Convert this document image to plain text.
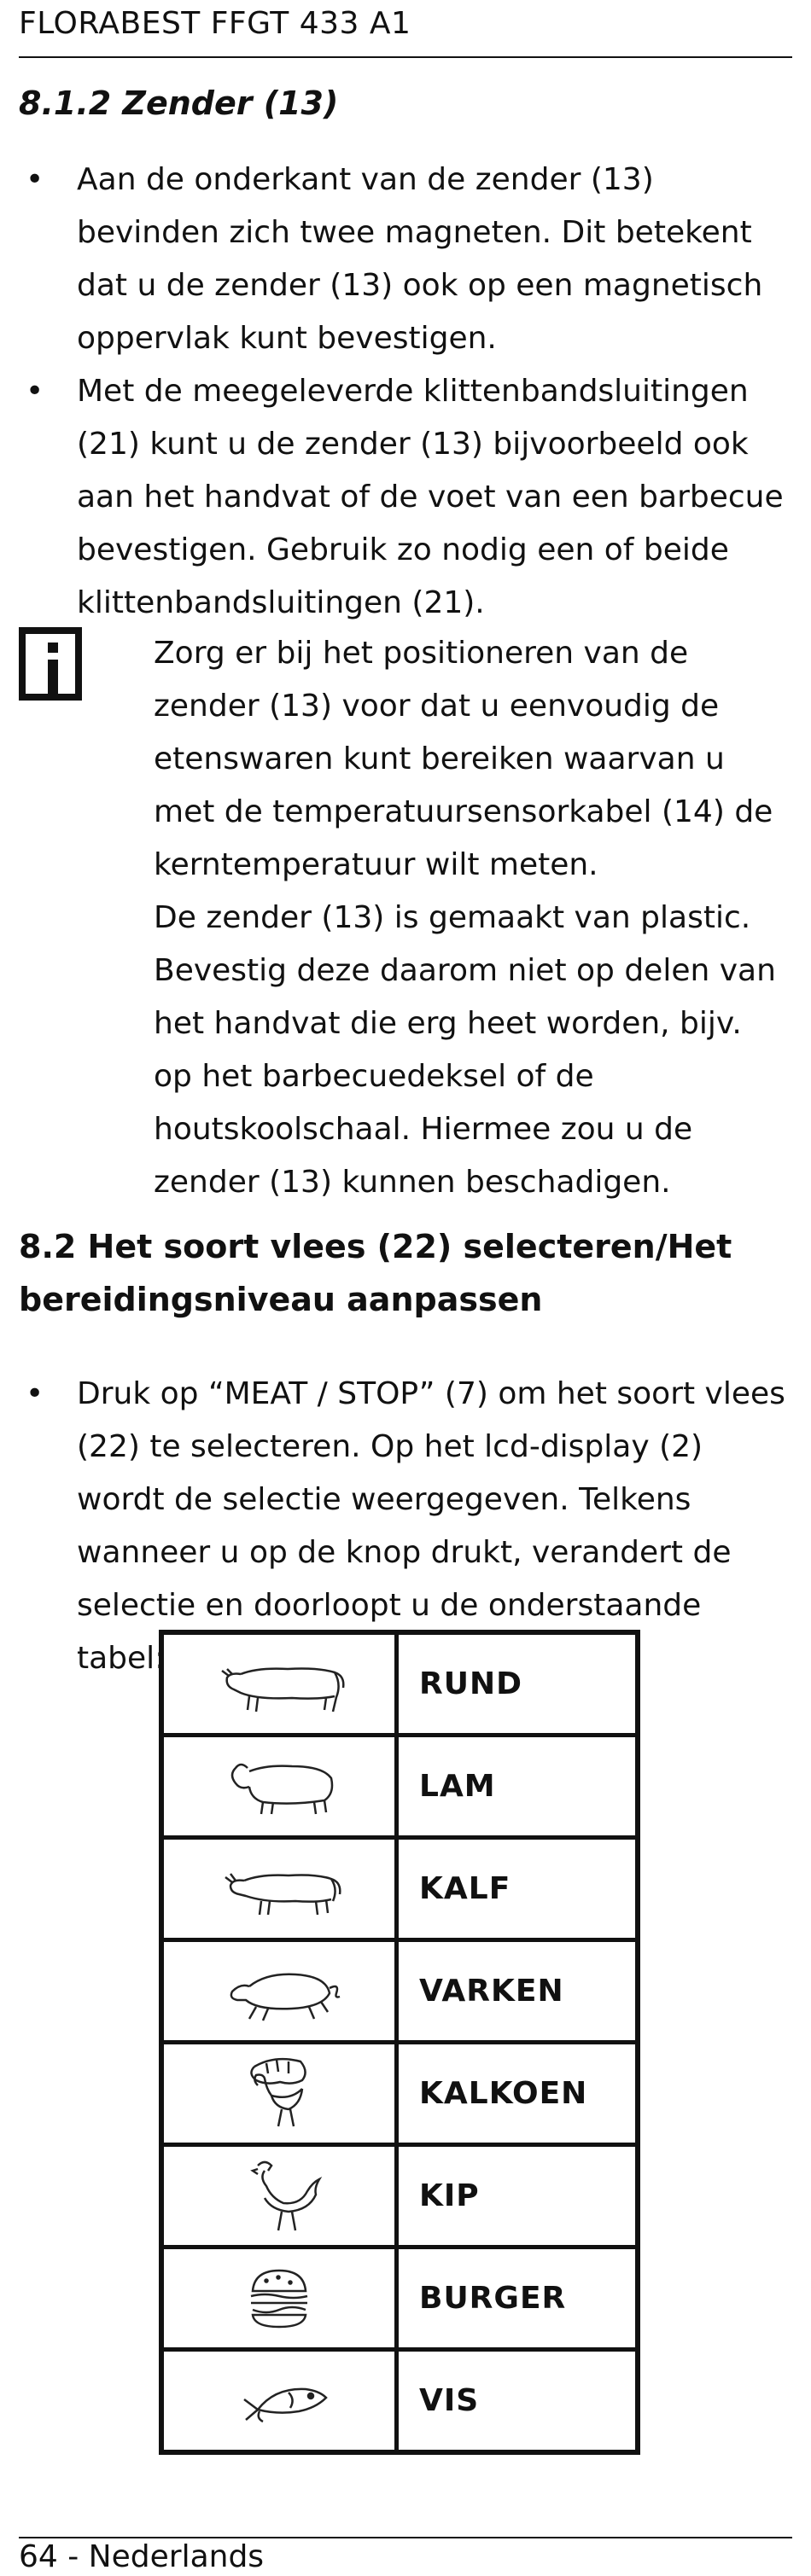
FLORABEST FFGT 433 A1
8.1.2 Zender (13)
• Aan de onderkant van de zender (13) bevinden zich twee magneten. Dit betekent dat u de zender (13) ook op een magnetisch oppervlak kunt bevestigen.
• Met de meegeleverde klittenbandsluitingen (21) kunt u de zender (13) bijvoorbeeld ook aan het handvat of de voet van een barbecue bevestigen. Gebruik zo nodig een of beide klittenbandsluitingen (21).

Zorg er bij het positioneren van de zender (13) voor dat u eenvoudig de etenswaren kunt bereiken waarvan u met de temperatuursensorkabel (14) de kerntemperatuur wilt meten.

De zender (13) is gemaakt van plastic. Bevestig deze daarom niet op delen van het handvat die erg heet worden, bijv. op het barbecuedeksel of de houtskoolschaal. Hiermee zou u de zender (13) kunnen beschadigen.

8.2 Het soort vlees (22) selecteren/Het bereidingsniveau aanpassen
• Druk op “MEAT / STOP” (7) om het soort vlees (22) te selecteren. Op het lcd-display (2) wordt de selectie weergegeven. Telkens wanneer u op de knop drukt, verandert de selectie en doorloopt u de onderstaande tabel:
	RUND

	LAM

	KALF

	VARKEN

	KALKOEN

	KIP

	BURGER

	VIS
64 - Nederlands
